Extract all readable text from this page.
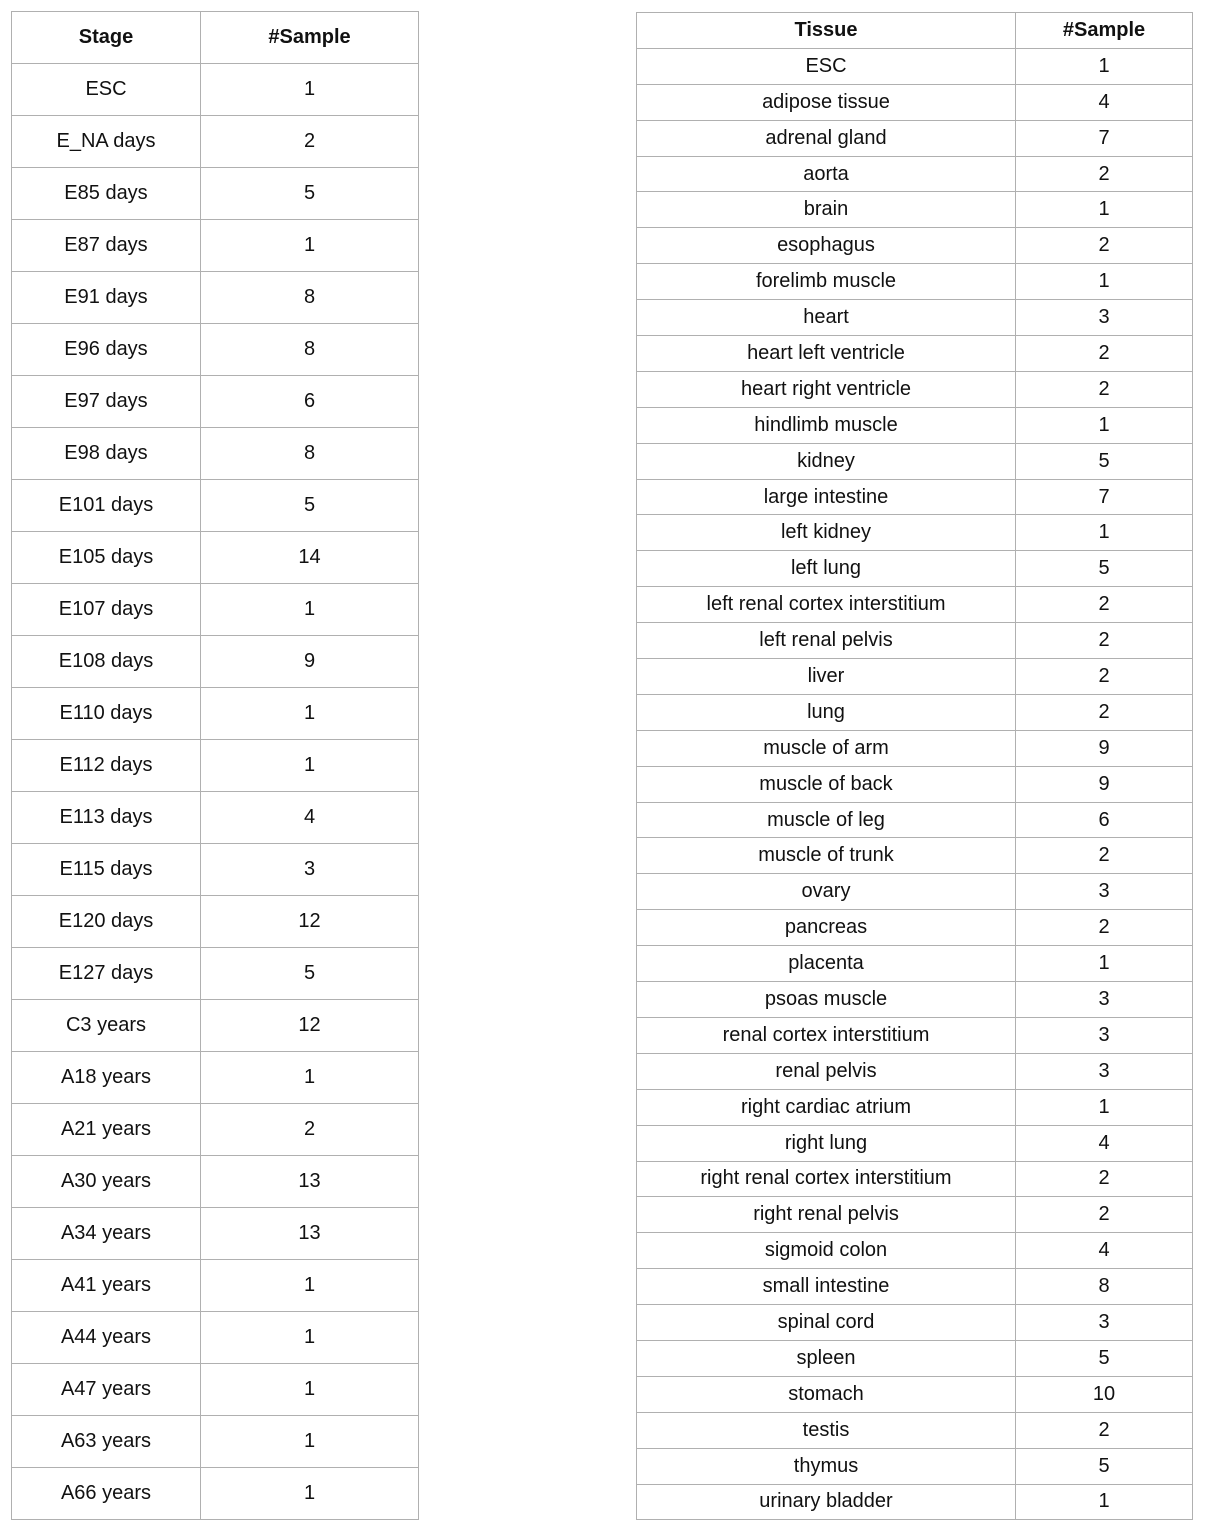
Stage	#Sample
ESC	1
E_NA days	2
E85 days	5
E87 days	1
E91 days	8
E96 days	8
E97 days	6
E98 days	8
E101 days	5
E105 days	14
E107 days	1
E108 days	9
E110 days	1
E112 days	1
E113 days	4
E115 days	3
E120 days	12
E127 days	5
C3 years	12
A18 years	1
A21 years	2
A30 years	13
A34 years	13
A41 years	1
A44 years	1
A47 years	1
A63 years	1
A66 years	1
Tissue	#Sample
ESC	1
adipose tissue	4
adrenal gland	7
aorta	2
brain	1
esophagus	2
forelimb muscle	1
heart	3
heart left ventricle	2
heart right ventricle	2
hindlimb muscle	1
kidney	5
large intestine	7
left kidney	1
left lung	5
left renal cortex interstitium	2
left renal pelvis	2
liver	2
lung	2
muscle of arm	9
muscle of back	9
muscle of leg	6
muscle of trunk	2
ovary	3
pancreas	2
placenta	1
psoas muscle	3
renal cortex interstitium	3
renal pelvis	3
right cardiac atrium	1
right lung	4
right renal cortex interstitium	2
right renal pelvis	2
sigmoid colon	4
small intestine	8
spinal cord	3
spleen	5
stomach	10
testis	2
thymus	5
urinary bladder	1
